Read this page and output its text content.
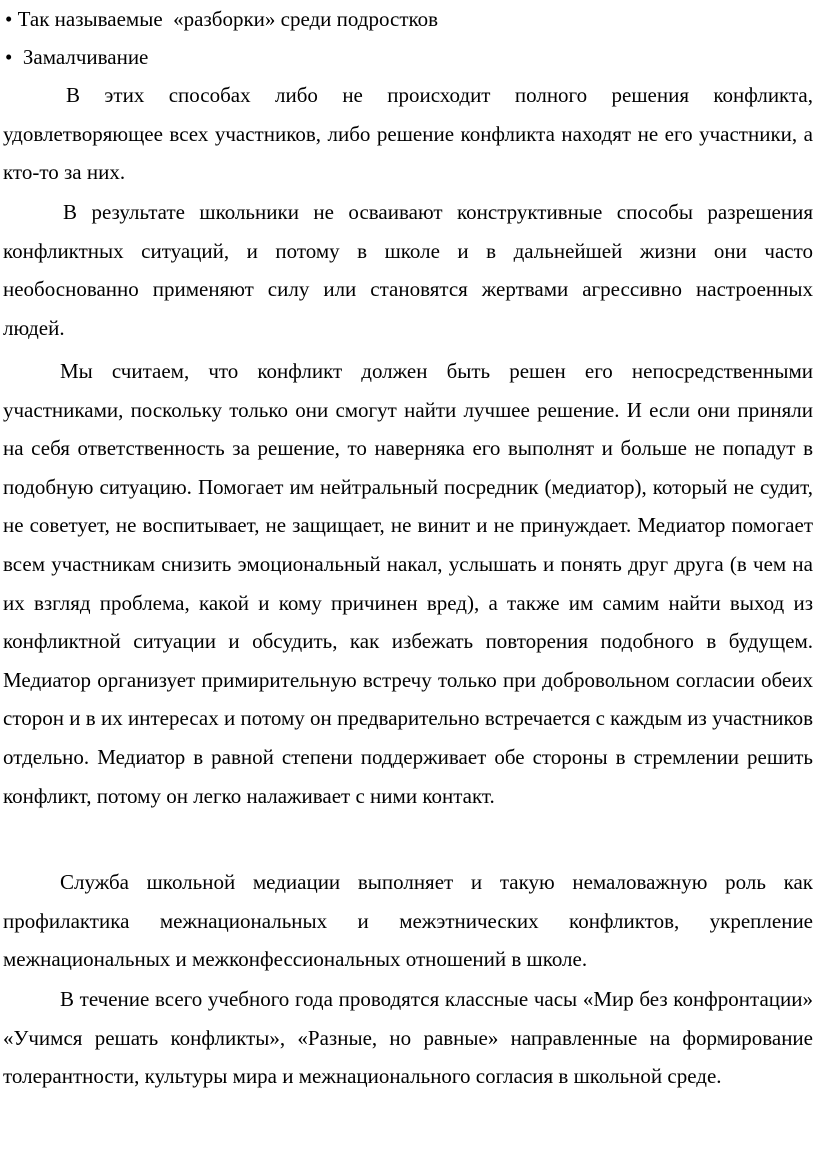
• Так называемые  «разборки» среди подростков

•  Замалчивание

В этих способах либо не происходит полного решения конфликта, удовлетворяющее всех участников, либо решение конфликта находят не его участники, а кто-то за них.

В результате школьники не осваивают конструктивные способы разрешения конфликтных ситуаций, и потому в школе и в дальнейшей жизни они часто необоснованно применяют силу или становятся жертвами агрессивно настроенных людей.

Мы считаем, что конфликт должен быть решен его непосредственными участниками, поскольку только они смогут найти лучшее решение. И если они приняли на себя ответственность за решение, то наверняка его выполнят и больше не попадут в подобную ситуацию. Помогает им нейтральный посредник (медиатор), который не судит, не советует, не воспитывает, не защищает, не винит и не принуждает. Медиатор помогает всем участникам снизить эмоциональный накал, услышать и понять друг друга (в чем на их взгляд проблема, какой и кому причинен вред), а также им самим найти выход из конфликтной ситуации и обсудить, как избежать повторения подобного в будущем. Медиатор организует примирительную встречу только при добровольном согласии обеих сторон и в их интересах и потому он предварительно встречается с каждым из участников отдельно. Медиатор в равной степени поддерживает обе стороны в стремлении решить конфликт, потому он легко налаживает с ними контакт.

Служба школьной медиации выполняет и такую немаловажную роль как профилактика межнациональных и межэтнических конфликтов, укрепление межнациональных и межконфессиональных отношений в школе.

В течение всего учебного года проводятся классные часы «Мир без конфронтации» «Учимся решать конфликты», «Разные, но равные» направленные на формирование толерантности, культуры мира и межнационального согласия в школьной среде.
